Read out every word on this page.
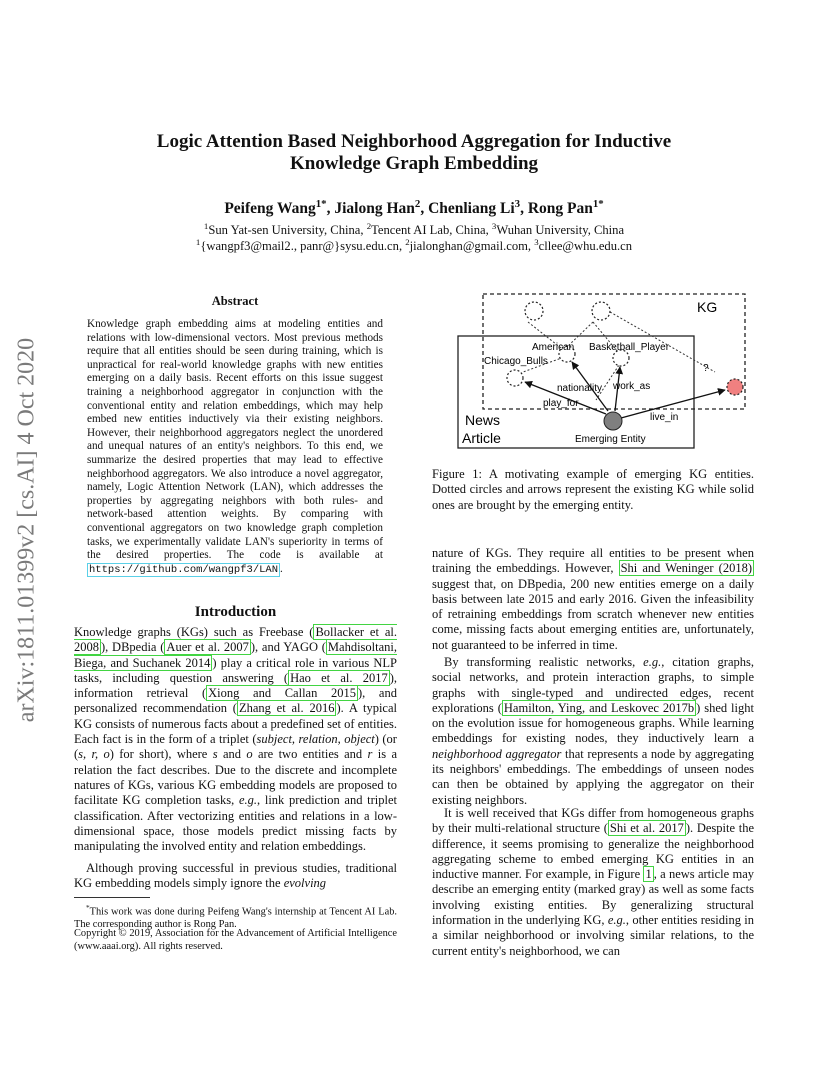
arXiv:1811.01399v2 [cs.AI] 4 Oct 2020
Logic Attention Based Neighborhood Aggregation for Inductive
Knowledge Graph Embedding
Peifeng Wang$^{1*}$, Jialong Han$^2$, Chenliang Li$^3$, Rong Pan$^{1*}$
$^1$Sun Yat-sen University, China, $^2$Tencent AI Lab, China, $^3$Wuhan University, China
$^1${wangpf3@mail2., panr@}sysu.edu.cn, $^2$jialonghan@gmail.com, $^3$cllee@whu.edu.cn
Abstract
Knowledge graph embedding aims at modeling entities and relations with low-dimensional vectors. Most previous methods require that all entities should be seen during training, which is unpractical for real-world knowledge graphs with new entities emerging on a daily basis. Recent efforts on this issue suggest training a neighborhood aggregator in conjunction with the conventional entity and relation embeddings, which may help embed new entities inductively via their existing neighbors. However, their neighborhood aggregators neglect the unordered and unequal natures of an entity's neighbors. To this end, we summarize the desired properties that may lead to effective neighborhood aggregators. We also introduce a novel aggregator, namely, Logic Attention Network (LAN), which addresses the properties by aggregating neighbors with both rules- and network-based attention weights. By comparing with conventional aggregators on two knowledge graph completion tasks, we experimentally validate LAN's superiority in terms of the desired properties. The code is available at https://github.com/wangpf3/LAN .
Introduction
Knowledge graphs (KGs) such as Freebase ( Bollacker et al. 2008 ), DBpedia ( Auer et al. 2007 ), and YAGO ( Mahdisoltani, Biega, and Suchanek 2014 ) play a critical role in various NLP tasks, including question answering ( Hao et al. 2017 ), information retrieval ( Xiong and Callan 2015 ), and personalized recommendation ( Zhang et al. 2016 ). A typical KG consists of numerous facts about a predefined set of entities. Each fact is in the form of a triplet (subject, relation, object) (or (s, r, o) for short), where s and o are two entities and r is a relation the fact describes. Due to the discrete and incomplete natures of KGs, various KG embedding models are proposed to facilitate KG completion tasks, e.g., link prediction and triplet classification. After vectorizing entities and relations in a low-dimensional space, those models predict missing facts by manipulating the involved entity and relation embeddings.
Although proving successful in previous studies, traditional KG embedding models simply ignore the evolving
*This work was done during Peifeng Wang's internship at Tencent AI Lab. The corresponding author is Rong Pan.
Copyright © 2019, Association for the Advancement of Artificial Intelligence (www.aaai.org). All rights reserved.
KG
American Basketball_Player
Chicago_Bulls
?
nationality work_as
play_for
live_in
News
Article	Emerging Entity
Figure 1: A motivating example of emerging KG entities. Dotted circles and arrows represent the existing KG while solid ones are brought by the emerging entity.
nature of KGs. They require all entities to be present when training the embeddings. However, Shi and Weninger (2018) suggest that, on DBpedia, 200 new entities emerge on a daily basis between late 2015 and early 2016. Given the infeasibility of retraining embeddings from scratch whenever new entities come, missing facts about emerging entities are, unfortunately, not guaranteed to be inferred in time.
By transforming realistic networks, e.g., citation graphs, social networks, and protein interaction graphs, to simple graphs with single-typed and undirected edges, recent explorations ( Hamilton, Ying, and Leskovec 2017b ) shed light on the evolution issue for homogeneous graphs. While learning embeddings for existing nodes, they inductively learn a neighborhood aggregator that represents a node by aggregating its neighbors' embeddings. The embeddings of unseen nodes can then be obtained by applying the aggregator on their existing neighbors.
It is well received that KGs differ from homogeneous graphs by their multi-relational structure ( Shi et al. 2017 ). Despite the difference, it seems promising to generalize the neighborhood aggregating scheme to embed emerging KG entities in an inductive manner. For example, in Figure 1 , a news article may describe an emerging entity (marked gray) as well as some facts involving existing entities. By generalizing structural information in the underlying KG, e.g., other entities residing in a similar neighborhood or involving similar relations, to the current entity's neighborhood, we can
